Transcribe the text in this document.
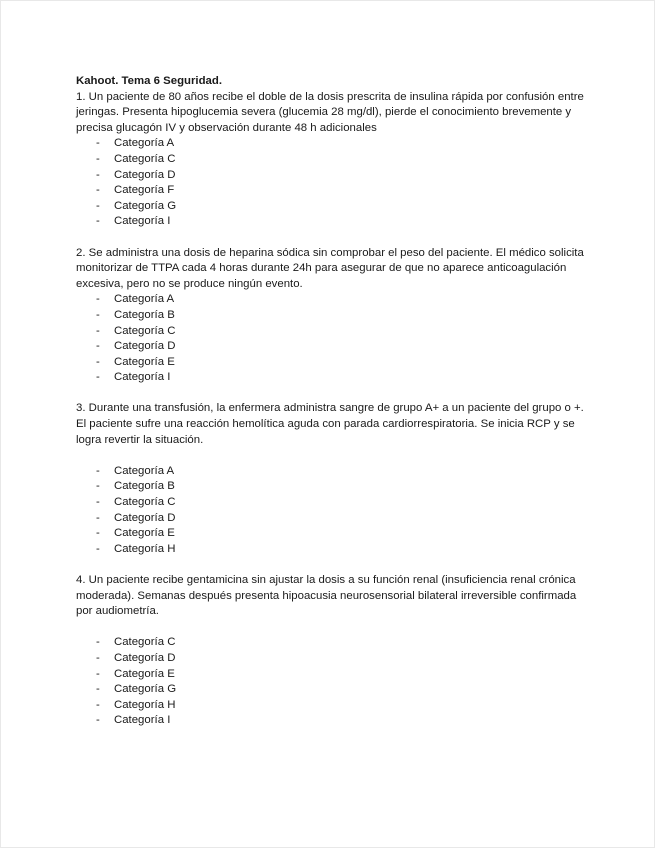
Kahoot. Tema 6 Seguridad.

1. Un paciente de 80 años recibe el doble de la dosis prescrita de insulina rápida por confusión entre jeringas. Presenta hipoglucemia severa (glucemia 28 mg/dl), pierde el conocimiento brevemente y precisa glucagón IV y observación durante 48 h adicionales

- Categoría A
- Categoría C
- Categoría D
- Categoría F
- Categoría G
- Categoría I

2. Se administra una dosis de heparina sódica sin comprobar el peso del paciente. El médico solicita monitorizar de TTPA cada 4 horas durante 24h para asegurar de que no aparece anticoagulación excesiva, pero no se produce ningún evento.

- Categoría A
- Categoría B
- Categoría C
- Categoría D
- Categoría E
- Categoría I

3. Durante una transfusión, la enfermera administra sangre de grupo A+ a un paciente del grupo o +. El paciente sufre una reacción hemolítica aguda con parada cardiorrespiratoria. Se inicia RCP y se logra revertir la situación.

- Categoría A
- Categoría B
- Categoría C
- Categoría D
- Categoría E
- Categoría H

4. Un paciente recibe gentamicina sin ajustar la dosis a su función renal (insuficiencia renal crónica moderada). Semanas después presenta hipoacusia neurosensorial bilateral irreversible confirmada por audiometría.

- Categoría C
- Categoría D
- Categoría E
- Categoría G
- Categoría H
- Categoría I
